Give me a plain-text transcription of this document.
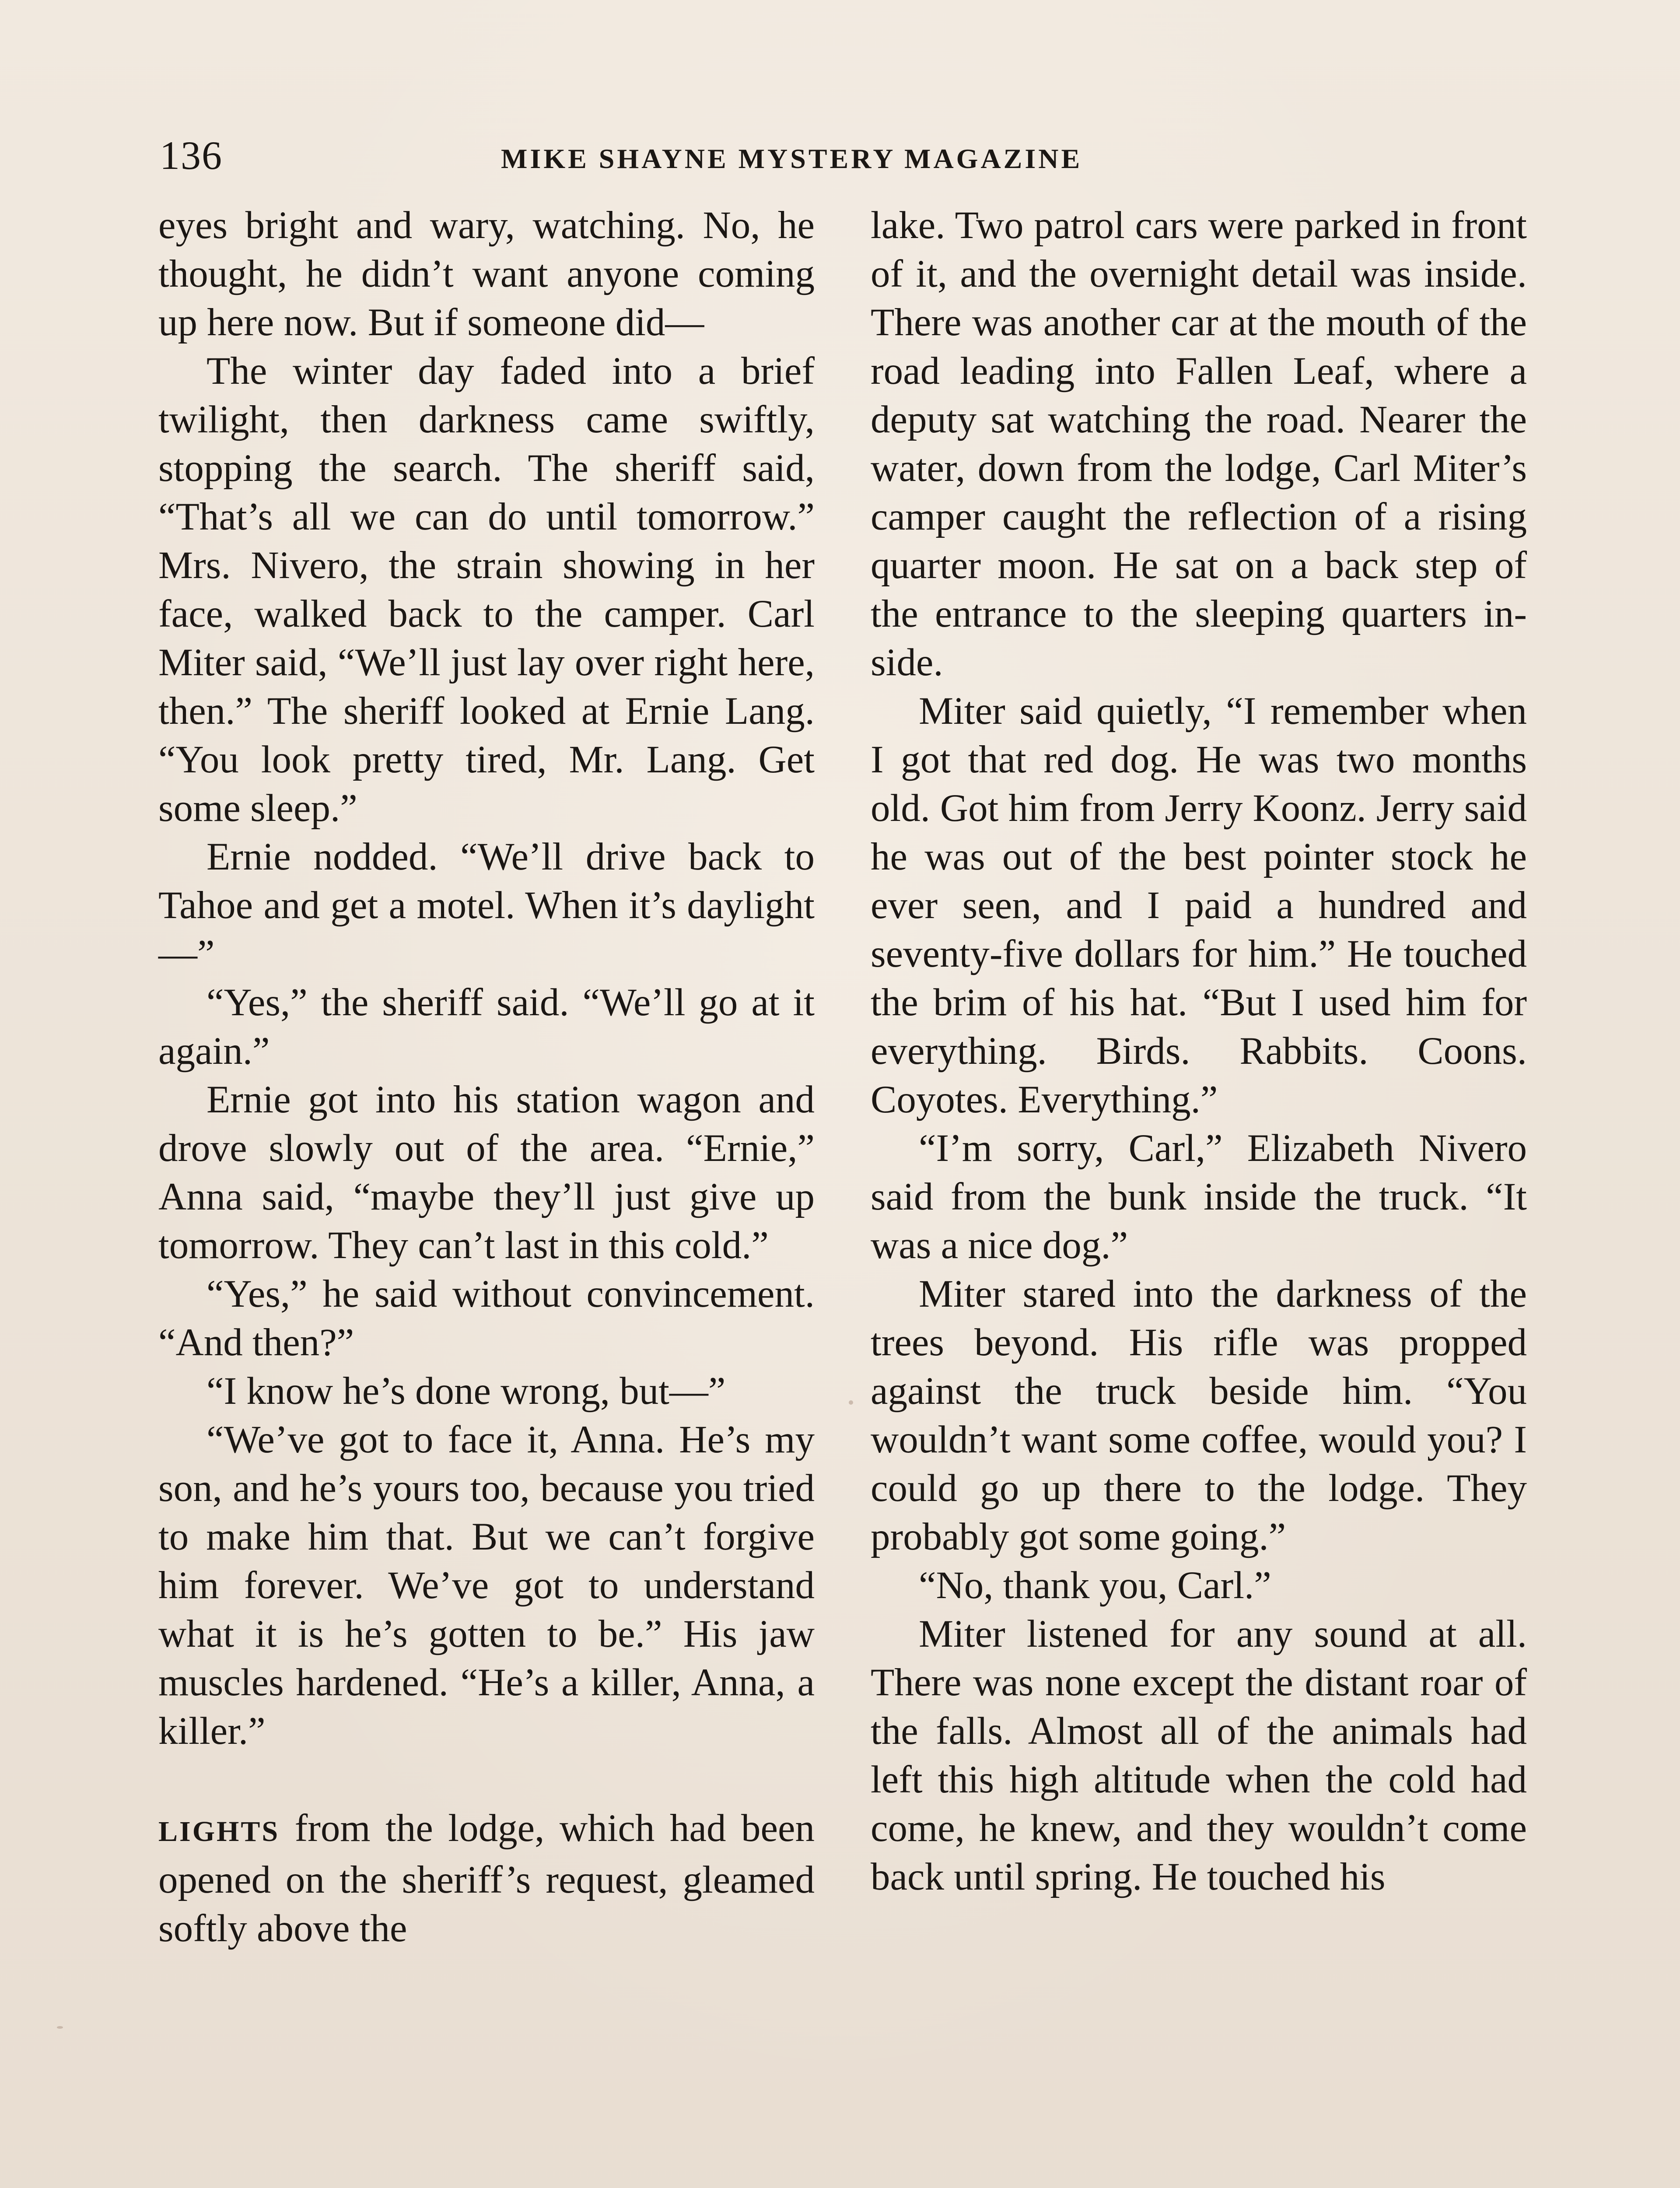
136	MIKE SHAYNE MYSTERY MAGAZINE

eyes bright and wary, watching. No, he thought, he didn’t want anyone coming up here now. But if someone did—

The winter day faded into a brief twilight, then darkness came swiftly, stopping the search. The sheriff said, “That’s all we can do until tomorrow.” Mrs. Nivero, the strain showing in her face, walked back to the camper. Carl Miter said, “We’ll just lay over right here, then.” The sheriff looked at Ernie Lang. “You look pretty tired, Mr. Lang. Get some sleep.”

Ernie nodded. “We’ll drive back to Tahoe and get a motel. When it’s daylight—”

“Yes,” the sheriff said. “We’ll go at it again.”

Ernie got into his station wagon and drove slowly out of the area. “Ernie,” Anna said, “maybe they’ll just give up tomorrow. They can’t last in this cold.”

“Yes,” he said without convincement. “And then?”

“I know he’s done wrong, but—”

“We’ve got to face it, Anna. He’s my son, and he’s yours too, because you tried to make him that. But we can’t forgive him forever. We’ve got to understand what it is he’s gotten to be.” His jaw muscles hardened. “He’s a killer, Anna, a killer.”

LIGHTS from the lodge, which had been opened on the sheriff’s request, gleamed softly above the

lake. Two patrol cars were parked in front of it, and the overnight detail was inside. There was another car at the mouth of the road leading into Fallen Leaf, where a deputy sat watching the road. Nearer the water, down from the lodge, Carl Miter’s camper caught the reflection of a rising quarter moon. He sat on a back step of the entrance to the sleeping quarters inside.

Miter said quietly, “I remember when I got that red dog. He was two months old. Got him from Jerry Koonz. Jerry said he was out of the best pointer stock he ever seen, and I paid a hundred and seventy-five dollars for him.” He touched the brim of his hat. “But I used him for everything. Birds. Rabbits. Coons. Coyotes. Everything.”

“I’m sorry, Carl,” Elizabeth Nivero said from the bunk inside the truck. “It was a nice dog.”

Miter stared into the darkness of the trees beyond. His rifle was propped against the truck beside him. “You wouldn’t want some coffee, would you? I could go up there to the lodge. They probably got some going.”

“No, thank you, Carl.”

Miter listened for any sound at all. There was none except the distant roar of the falls. Almost all of the animals had left this high altitude when the cold had come, he knew, and they wouldn’t come back until spring. He touched his
